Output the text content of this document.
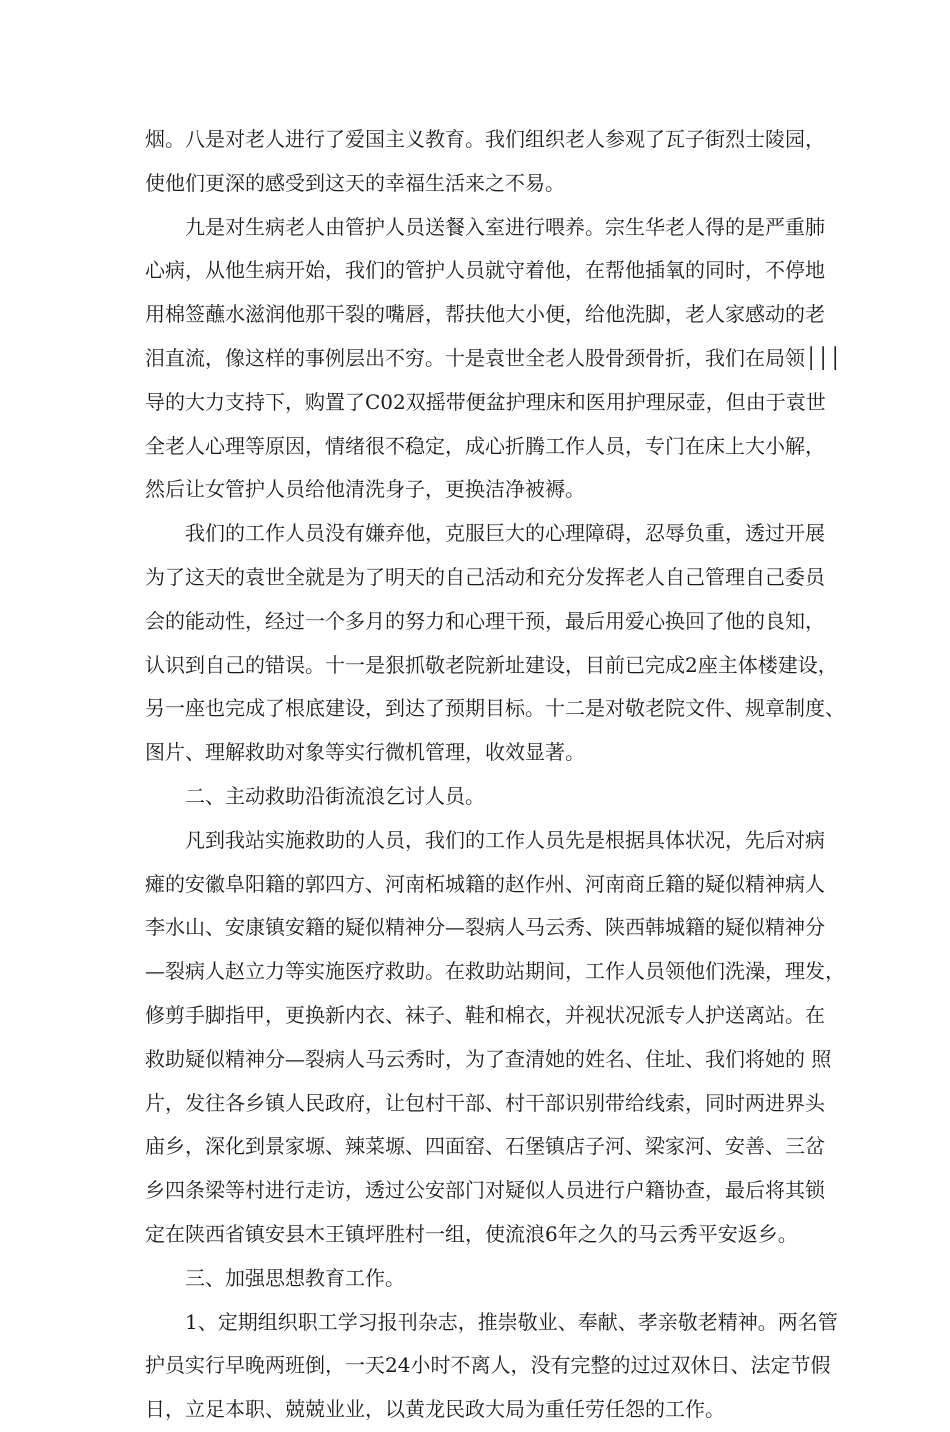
烟。八是对老人进行了爱国主义教育。我们组织老人参观了瓦子街烈士陵园，
使他们更深的感受到这天的幸福生活来之不易。
九是对生病老人由管护人员送餐入室进行喂养。宗生华老人得的是严重肺
心病，从他生病开始，我们的管护人员就守着他，在帮他插氧的同时，不停地
用棉签蘸水滋润他那干裂的嘴唇，帮扶他大小便，给他洗脚，老人家感动的老
泪直流，像这样的事例层出不穷。十是袁世全老人股骨颈骨折，我们在局领│││
导的大力支持下，购置了C02双摇带便盆护理床和医用护理尿壶，但由于袁世
全老人心理等原因，情绪很不稳定，成心折腾工作人员，专门在床上大小解，
然后让女管护人员给他清洗身子，更换洁净被褥。
我们的工作人员没有嫌弃他，克服巨大的心理障碍，忍辱负重，透过开展
为了这天的袁世全就是为了明天的自己活动和充分发挥老人自己管理自己委员
会的能动性，经过一个多月的努力和心理干预，最后用爱心换回了他的良知，
认识到自己的错误。十一是狠抓敬老院新址建设，目前已完成2座主体楼建设，
另一座也完成了根底建设，到达了预期目标。十二是对敬老院文件、规章制度、
图片、理解救助对象等实行微机管理，收效显著。
二、主动救助沿街流浪乞讨人员。
凡到我站实施救助的人员，我们的工作人员先是根据具体状况，先后对病
瘫的安徽阜阳籍的郭四方、河南柘城籍的赵作州、河南商丘籍的疑似精神病人
李水山、安康镇安籍的疑似精神分—裂病人马云秀、陕西韩城籍的疑似精神分
—裂病人赵立力等实施医疗救助。在救助站期间，工作人员领他们洗澡，理发，
修剪手脚指甲，更换新内衣、袜子、鞋和棉衣，并视状况派专人护送离站。在
救助疑似精神分—裂病人马云秀时，为了查清她的姓名、住址、我们将她的 照
片，发往各乡镇人民政府，让包村干部、村干部识别带给线索，同时两进界头
庙乡，深化到景家塬、辣菜塬、四面窑、石堡镇店子河、梁家河、安善、三岔
乡四条梁等村进行走访，透过公安部门对疑似人员进行户籍协查，最后将其锁
定在陕西省镇安县木王镇坪胜村一组，使流浪6年之久的马云秀平安返乡。
三、加强思想教育工作。
1、定期组织职工学习报刊杂志，推崇敬业、奉献、孝亲敬老精神。两名管
护员实行早晚两班倒，一天24小时不离人，没有完整的过过双休日、法定节假
日，立足本职、兢兢业业，以黄龙民政大局为重任劳任怨的工作。
